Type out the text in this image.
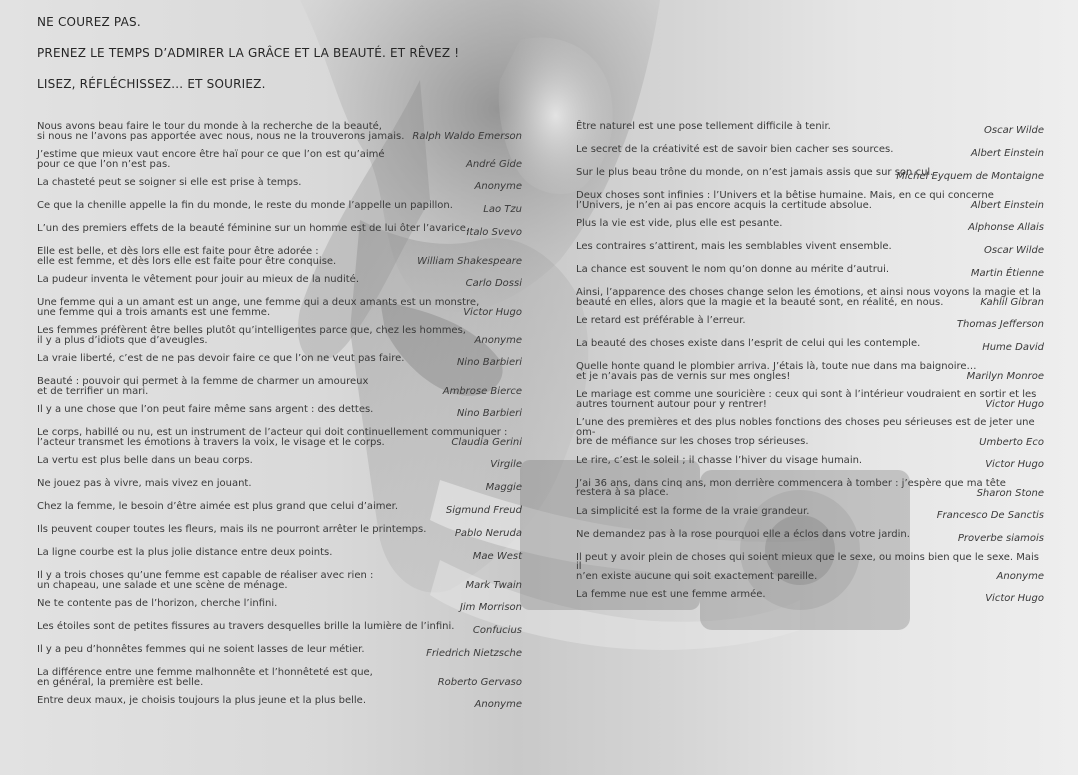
NE COUREZ PAS.

PRENEZ LE TEMPS D’ADMIRER LA GRÂCE ET LA BEAUTÉ. ET RÊVEZ !

LISEZ, RÉFLÉCHISSEZ… ET SOURIEZ.

Nous avons beau faire le tour du monde à la recherche de la beauté,
si nous ne l’avons pas apportée avec nous, nous ne la trouverons jamais. Ralph Waldo Emerson
J’estime que mieux vaut encore être haï pour ce que l’on est qu’aimé
pour ce que l’on n’est pas.	André Gide
La chasteté peut se soigner si elle est prise à temps.	Anonyme
Ce que la chenille appelle la fin du monde, le reste du monde l’appelle un papillon.	Lao Tzu
L’un des premiers effets de la beauté féminine sur un homme est de lui ôter l’avarice.
Italo Svevo
Elle est belle, et dès lors elle est faite pour être adorée :
elle est femme, et dès lors elle est faite pour être conquise.	William Shakespeare
La pudeur inventa le vêtement pour jouir au mieux de la nudité.	Carlo Dossi
Une femme qui a un amant est un ange, une femme qui a deux amants est un monstre,
une femme qui a trois amants est une femme.	Victor Hugo
Les femmes préfèrent être belles plutôt qu’intelligentes parce que, chez les hommes,
il y a plus d’idiots que d’aveugles.	Anonyme
La vraie liberté, c’est de ne pas devoir faire ce que l’on ne veut pas faire.	Nino Barbieri
Beauté : pouvoir qui permet à la femme de charmer un amoureux
et de terrifier un mari.	Ambrose Bierce
Il y a une chose que l’on peut faire même sans argent : des dettes.	Nino Barbieri
Le corps, habillé ou nu, est un instrument de l’acteur qui doit continuellement communiquer :
l’acteur transmet les émotions à travers la voix, le visage et le corps.	Claudia Gerini
La vertu est plus belle dans un beau corps.	Virgile
Ne jouez pas à vivre, mais vivez en jouant.	Maggie
Chez la femme, le besoin d’être aimée est plus grand que celui d’aimer.	Sigmund Freud
Ils peuvent couper toutes les fleurs, mais ils ne pourront arrêter le printemps.	Pablo Neruda
La ligne courbe est la plus jolie distance entre deux points.	Mae West
Il y a trois choses qu’une femme est capable de réaliser avec rien :
un chapeau, une salade et une scène de ménage.	Mark Twain
Ne te contente pas de l’horizon, cherche l’infini.	Jim Morrison
Les étoiles sont de petites fissures au travers desquelles brille la lumière de l’infini.	Confucius
Il y a peu d’honnêtes femmes qui ne soient lasses de leur métier.	Friedrich Nietzsche
La différence entre une femme malhonnête et l’honnêteté est que,
en général, la première est belle.	Roberto Gervaso
Entre deux maux, je choisis toujours la plus jeune et la plus belle.	Anonyme
Être naturel est une pose tellement difficile à tenir.	Oscar Wilde
Le secret de la créativité est de savoir bien cacher ses sources.	Albert Einstein
Sur le plus beau trône du monde, on n’est jamais assis que sur son cul.
Michel Eyquem de Montaigne
Deux choses sont infinies : l’Univers et la bêtise humaine. Mais, en ce qui concerne
l’Univers, je n’en ai pas encore acquis la certitude absolue.	Albert Einstein
Plus la vie est vide, plus elle est pesante.	Alphonse Allais
Les contraires s’attirent, mais les semblables vivent ensemble.	Oscar Wilde
La chance est souvent le nom qu’on donne au mérite d’autrui.	Martin Étienne
Ainsi, l’apparence des choses change selon les émotions, et ainsi nous voyons la magie et la
beauté en elles, alors que la magie et la beauté sont, en réalité, en nous.	Kahlil Gibran
Le retard est préférable à l’erreur.	Thomas Jefferson
La beauté des choses existe dans l’esprit de celui qui les contemple.	Hume David
Quelle honte quand le plombier arriva. J’étais là, toute nue dans ma baignoire…
et je n’avais pas de vernis sur mes ongles!	Marilyn Monroe
Le mariage est comme une souricière : ceux qui sont à l’intérieur voudraient en sortir et les
autres tournent autour pour y rentrer!	Victor Hugo
L’une des premières et des plus nobles fonctions des choses peu sérieuses est de jeter une om-
bre de méfiance sur les choses trop sérieuses.	Umberto Eco
Le rire, c’est le soleil ; il chasse l’hiver du visage humain.	Victor Hugo
J’ai 36 ans, dans cinq ans, mon derrière commencera à tomber : j’espère que ma tête
restera à sa place.	Sharon Stone
La simplicité est la forme de la vraie grandeur.	Francesco De Sanctis
Ne demandez pas à la rose pourquoi elle a éclos dans votre jardin.	Proverbe siamois
Il peut y avoir plein de choses qui soient mieux que le sexe, ou moins bien que le sexe. Mais il
n’en existe aucune qui soit exactement pareille.	Anonyme
La femme nue est une femme armée.	Victor Hugo
